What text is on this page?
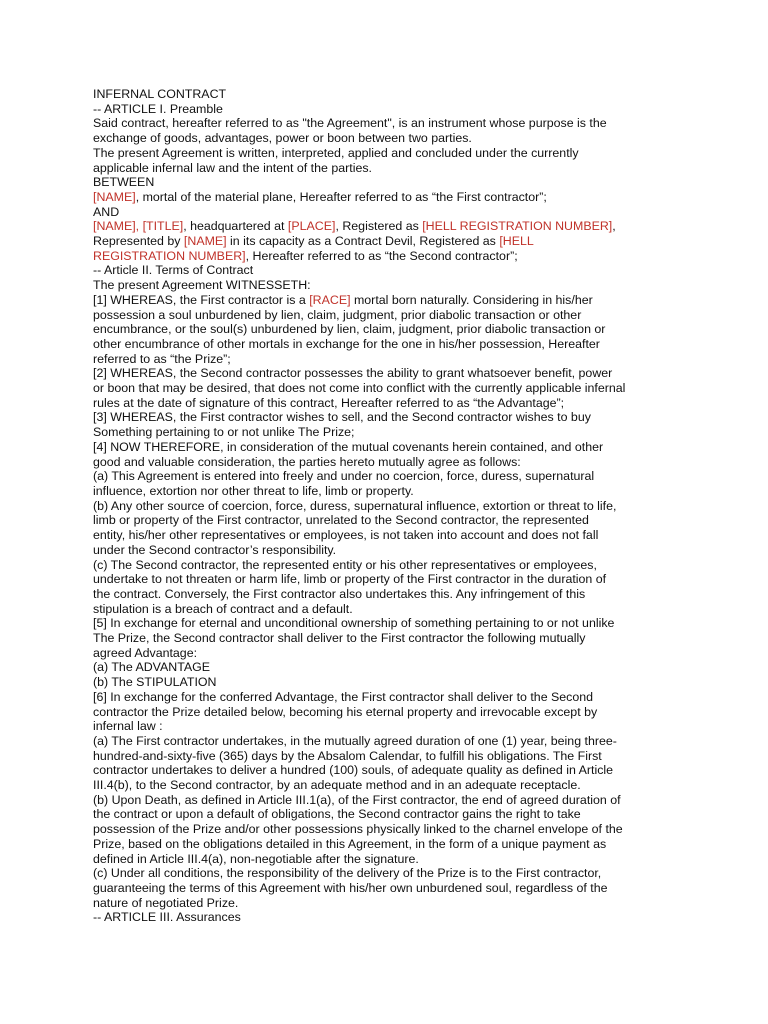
INFERNAL CONTRACT
-- ARTICLE I. Preamble
Said contract, hereafter referred to as "the Agreement", is an instrument whose purpose is the
exchange of goods, advantages, power or boon between two parties.
The present Agreement is written, interpreted, applied and concluded under the currently
applicable infernal law and the intent of the parties.
BETWEEN
[NAME], mortal of the material plane, Hereafter referred to as “the First contractor”;
AND
[NAME], [TITLE], headquartered at [PLACE], Registered as [HELL REGISTRATION NUMBER],
Represented by [NAME] in its capacity as a Contract Devil, Registered as [HELL
REGISTRATION NUMBER], Hereafter referred to as “the Second contractor”;
-- Article II. Terms of Contract
The present Agreement WITNESSETH:
[1] WHEREAS, the First contractor is a [RACE] mortal born naturally. Considering in his/her
possession a soul unburdened by lien, claim, judgment, prior diabolic transaction or other
encumbrance, or the soul(s) unburdened by lien, claim, judgment, prior diabolic transaction or
other encumbrance of other mortals in exchange for the one in his/her possession, Hereafter
referred to as “the Prize”;
[2] WHEREAS, the Second contractor possesses the ability to grant whatsoever benefit, power
or boon that may be desired, that does not come into conflict with the currently applicable infernal
rules at the date of signature of this contract, Hereafter referred to as “the Advantage”;
[3] WHEREAS, the First contractor wishes to sell, and the Second contractor wishes to buy
Something pertaining to or not unlike The Prize;
[4] NOW THEREFORE, in consideration of the mutual covenants herein contained, and other
good and valuable consideration, the parties hereto mutually agree as follows:
(a) This Agreement is entered into freely and under no coercion, force, duress, supernatural
influence, extortion nor other threat to life, limb or property.
(b) Any other source of coercion, force, duress, supernatural influence, extortion or threat to life,
limb or property of the First contractor, unrelated to the Second contractor, the represented
entity, his/her other representatives or employees, is not taken into account and does not fall
under the Second contractor’s responsibility.
(c) The Second contractor, the represented entity or his other representatives or employees,
undertake to not threaten or harm life, limb or property of the First contractor in the duration of
the contract. Conversely, the First contractor also undertakes this. Any infringement of this
stipulation is a breach of contract and a default.
[5] In exchange for eternal and unconditional ownership of something pertaining to or not unlike
The Prize, the Second contractor shall deliver to the First contractor the following mutually
agreed Advantage:
(a) The ADVANTAGE
(b) The STIPULATION
[6] In exchange for the conferred Advantage, the First contractor shall deliver to the Second
contractor the Prize detailed below, becoming his eternal property and irrevocable except by
infernal law :
(a) The First contractor undertakes, in the mutually agreed duration of one (1) year, being three-
hundred-and-sixty-five (365) days by the Absalom Calendar, to fulfill his obligations. The First
contractor undertakes to deliver a hundred (100) souls, of adequate quality as defined in Article
III.4(b), to the Second contractor, by an adequate method and in an adequate receptacle.
(b) Upon Death, as defined in Article III.1(a), of the First contractor, the end of agreed duration of
the contract or upon a default of obligations, the Second contractor gains the right to take
possession of the Prize and/or other possessions physically linked to the charnel envelope of the
Prize, based on the obligations detailed in this Agreement, in the form of a unique payment as
defined in Article III.4(a), non-negotiable after the signature.
(c) Under all conditions, the responsibility of the delivery of the Prize is to the First contractor,
guaranteeing the terms of this Agreement with his/her own unburdened soul, regardless of the
nature of negotiated Prize.
-- ARTICLE III. Assurances
